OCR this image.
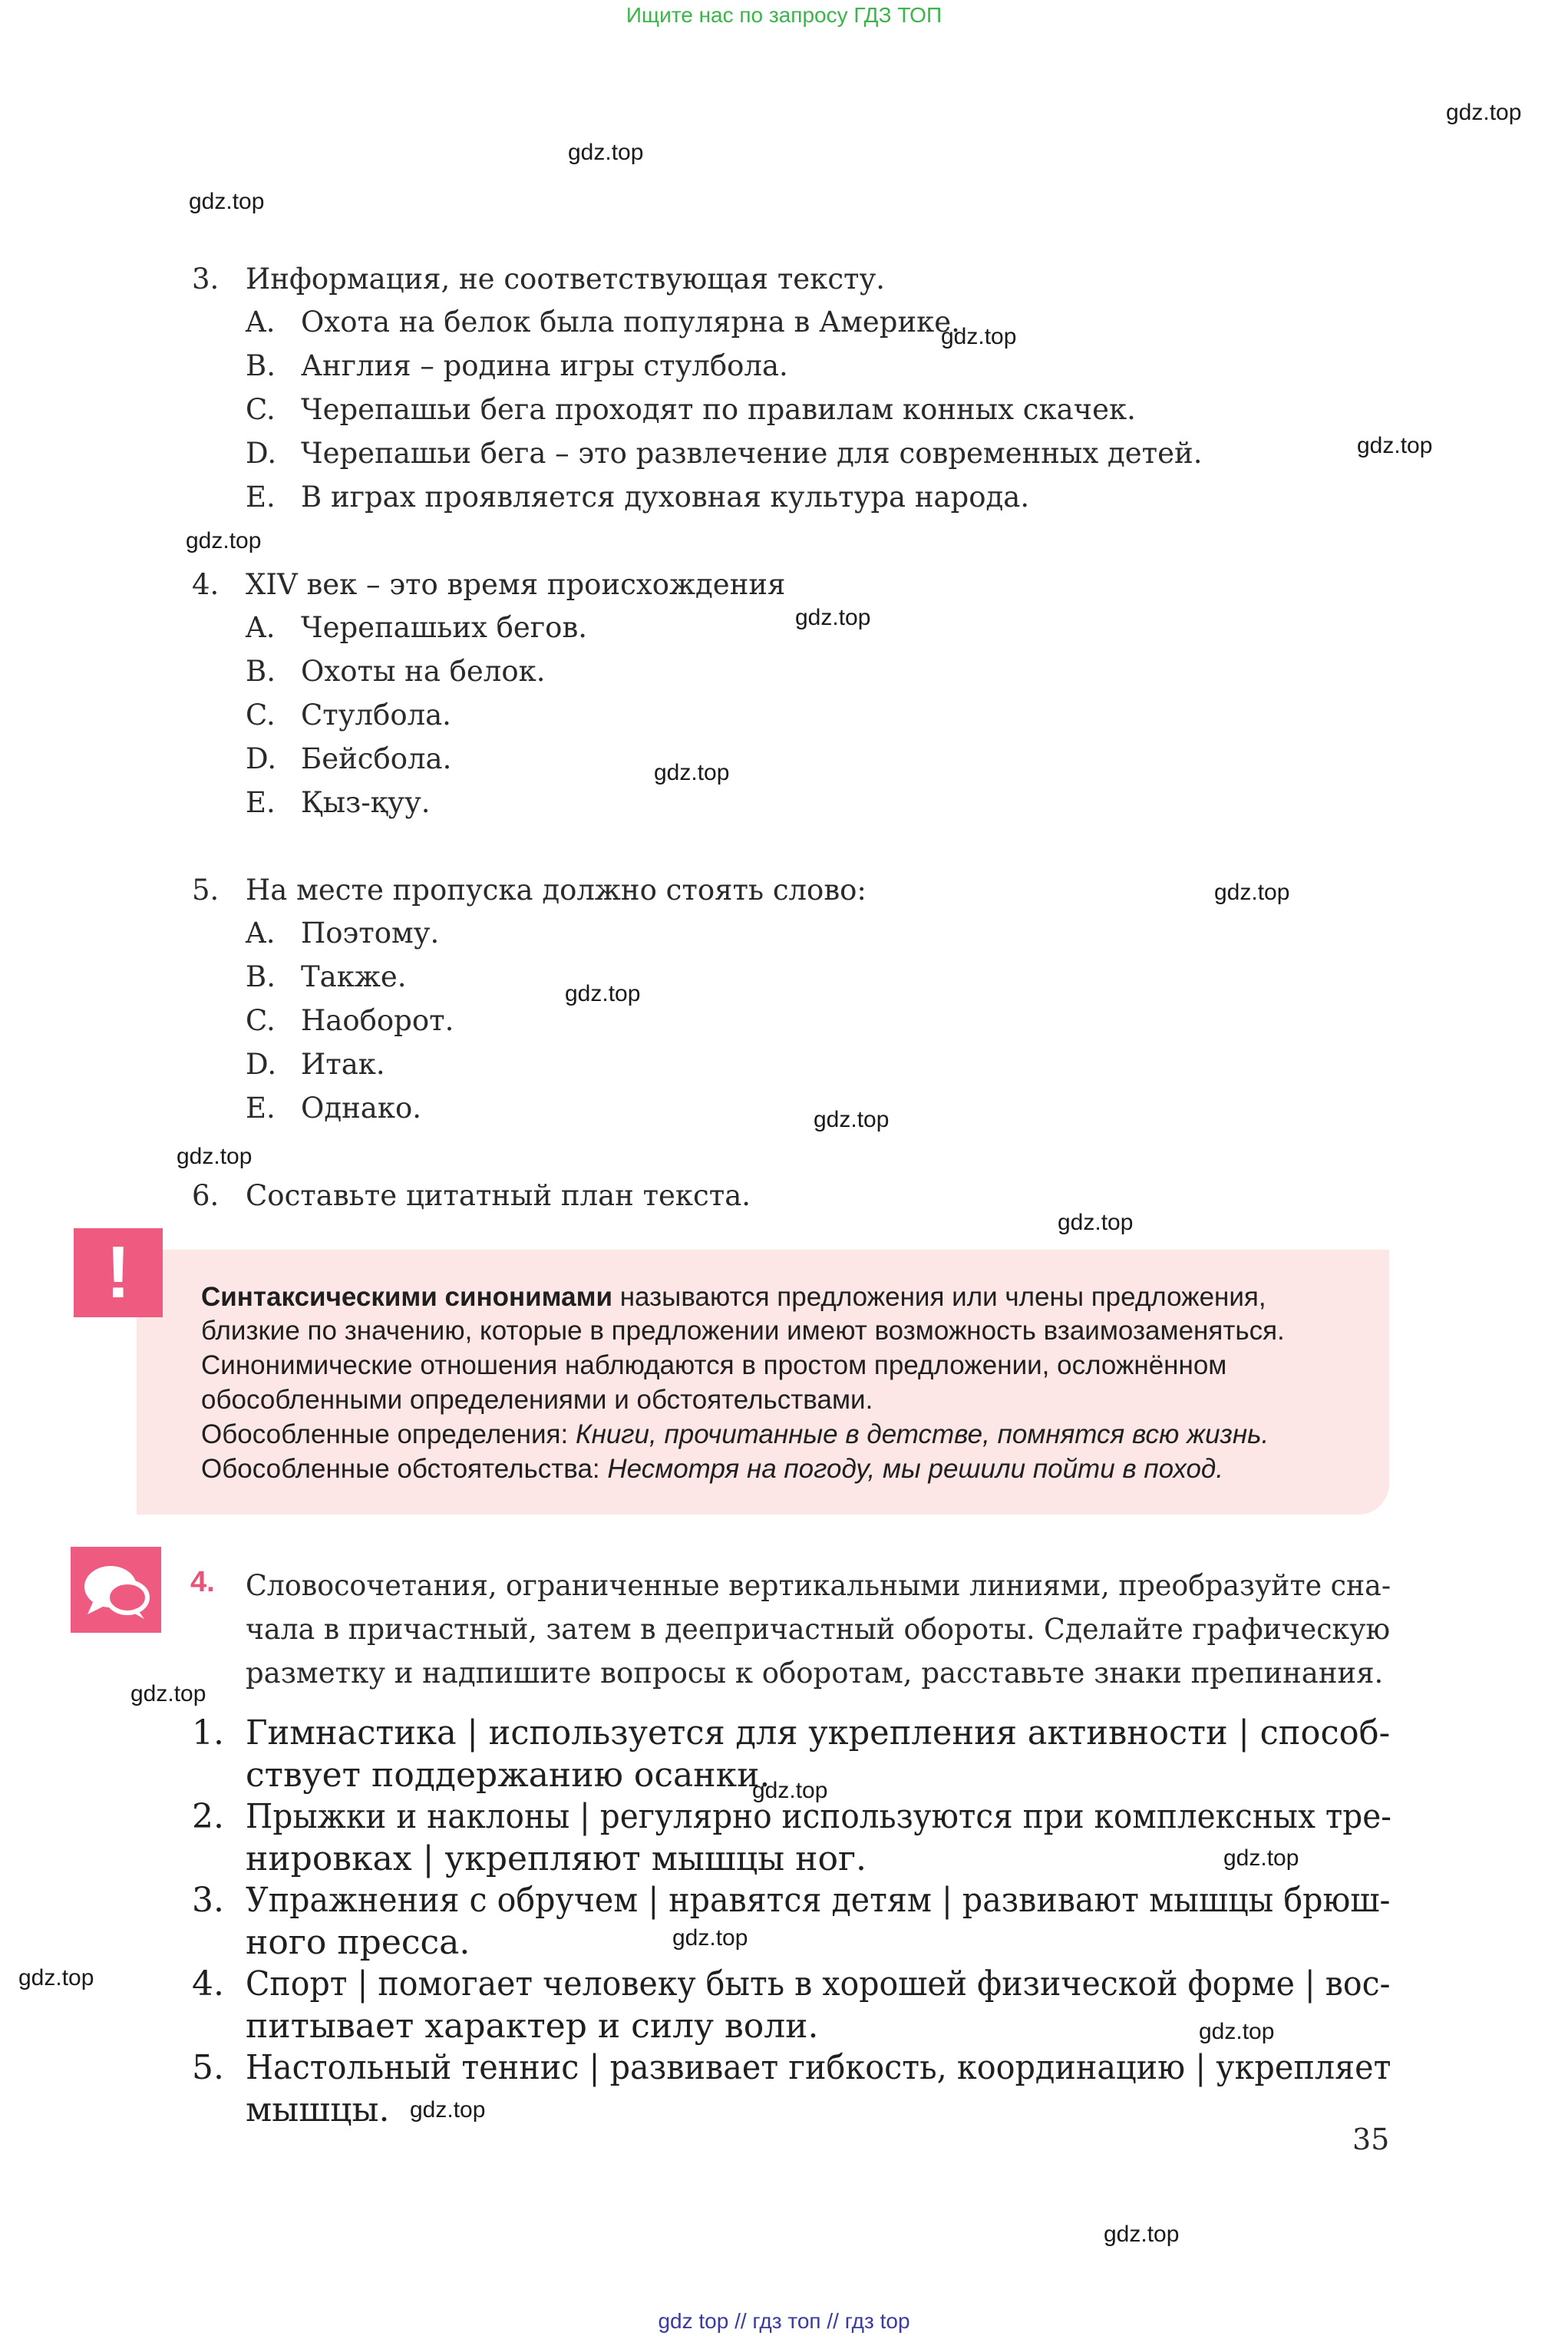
Ищите нас по запросу ГДЗ ТОП
gdz top // гдз топ // гдз top
gdz.top
gdz.top
gdz.top
gdz.top
gdz.top
gdz.top
gdz.top
gdz.top
gdz.top
gdz.top
gdz.top
gdz.top
gdz.top
gdz.top
gdz.top
gdz.top
gdz.top
gdz.top
gdz.top
gdz.top
gdz.top
3. Информация, не соответствующая тексту.
A. Охота на белок была популярна в Америке.
B. Англия – родина игры стулбола.
C. Черепашьи бега проходят по правилам конных скачек.
D. Черепашьи бега – это развлечение для современных детей.
E. В играх проявляется духовная культура народа.
4. XIV век – это время происхождения
A. Черепашьих бегов.
B. Охоты на белок.
C. Стулбола.
D. Бейсбола.
E. Қыз-қуу.
5. На месте пропуска должно стоять слово:
A. Поэтому.
B. Также.
C. Наоборот.
D. Итак.
E. Однако.
6. Составьте цитатный план текста.
!	Синтаксическими синонимами называются предложения или члены предложения,
близкие по значению, которые в предложении имеют возможность взаимозаменяться.
Синонимические отношения наблюдаются в простом предложении, осложнённом
обособленными определениями и обстоятельствами.
Обособленные определения: Книги, прочитанные в детстве, помнятся всю жизнь.
Обособленные обстоятельства: Несмотря на погоду, мы решили пойти в поход.
4. Словосочетания, ограниченные вертикальными линиями, преобразуйте сна-
чала в причастный, затем в деепричастный обороты. Сделайте графическую
разметку и надпишите вопросы к оборотам, расставьте знаки препинания.
1. Гимнастика | используется для укрепления активности | способ-
ствует поддержанию осанки.
2. Прыжки и наклоны | регулярно используются при комплексных тре-
нировках | укрепляют мышцы ног.
3. Упражнения с обручем | нравятся детям | развивают мышцы брюш-
ного пресса.
4. Спорт | помогает человеку быть в хорошей физической форме | вос-
питывает характер и силу воли.
5. Настольный теннис | развивает гибкость, координацию | укрепляет
мышцы.
35
